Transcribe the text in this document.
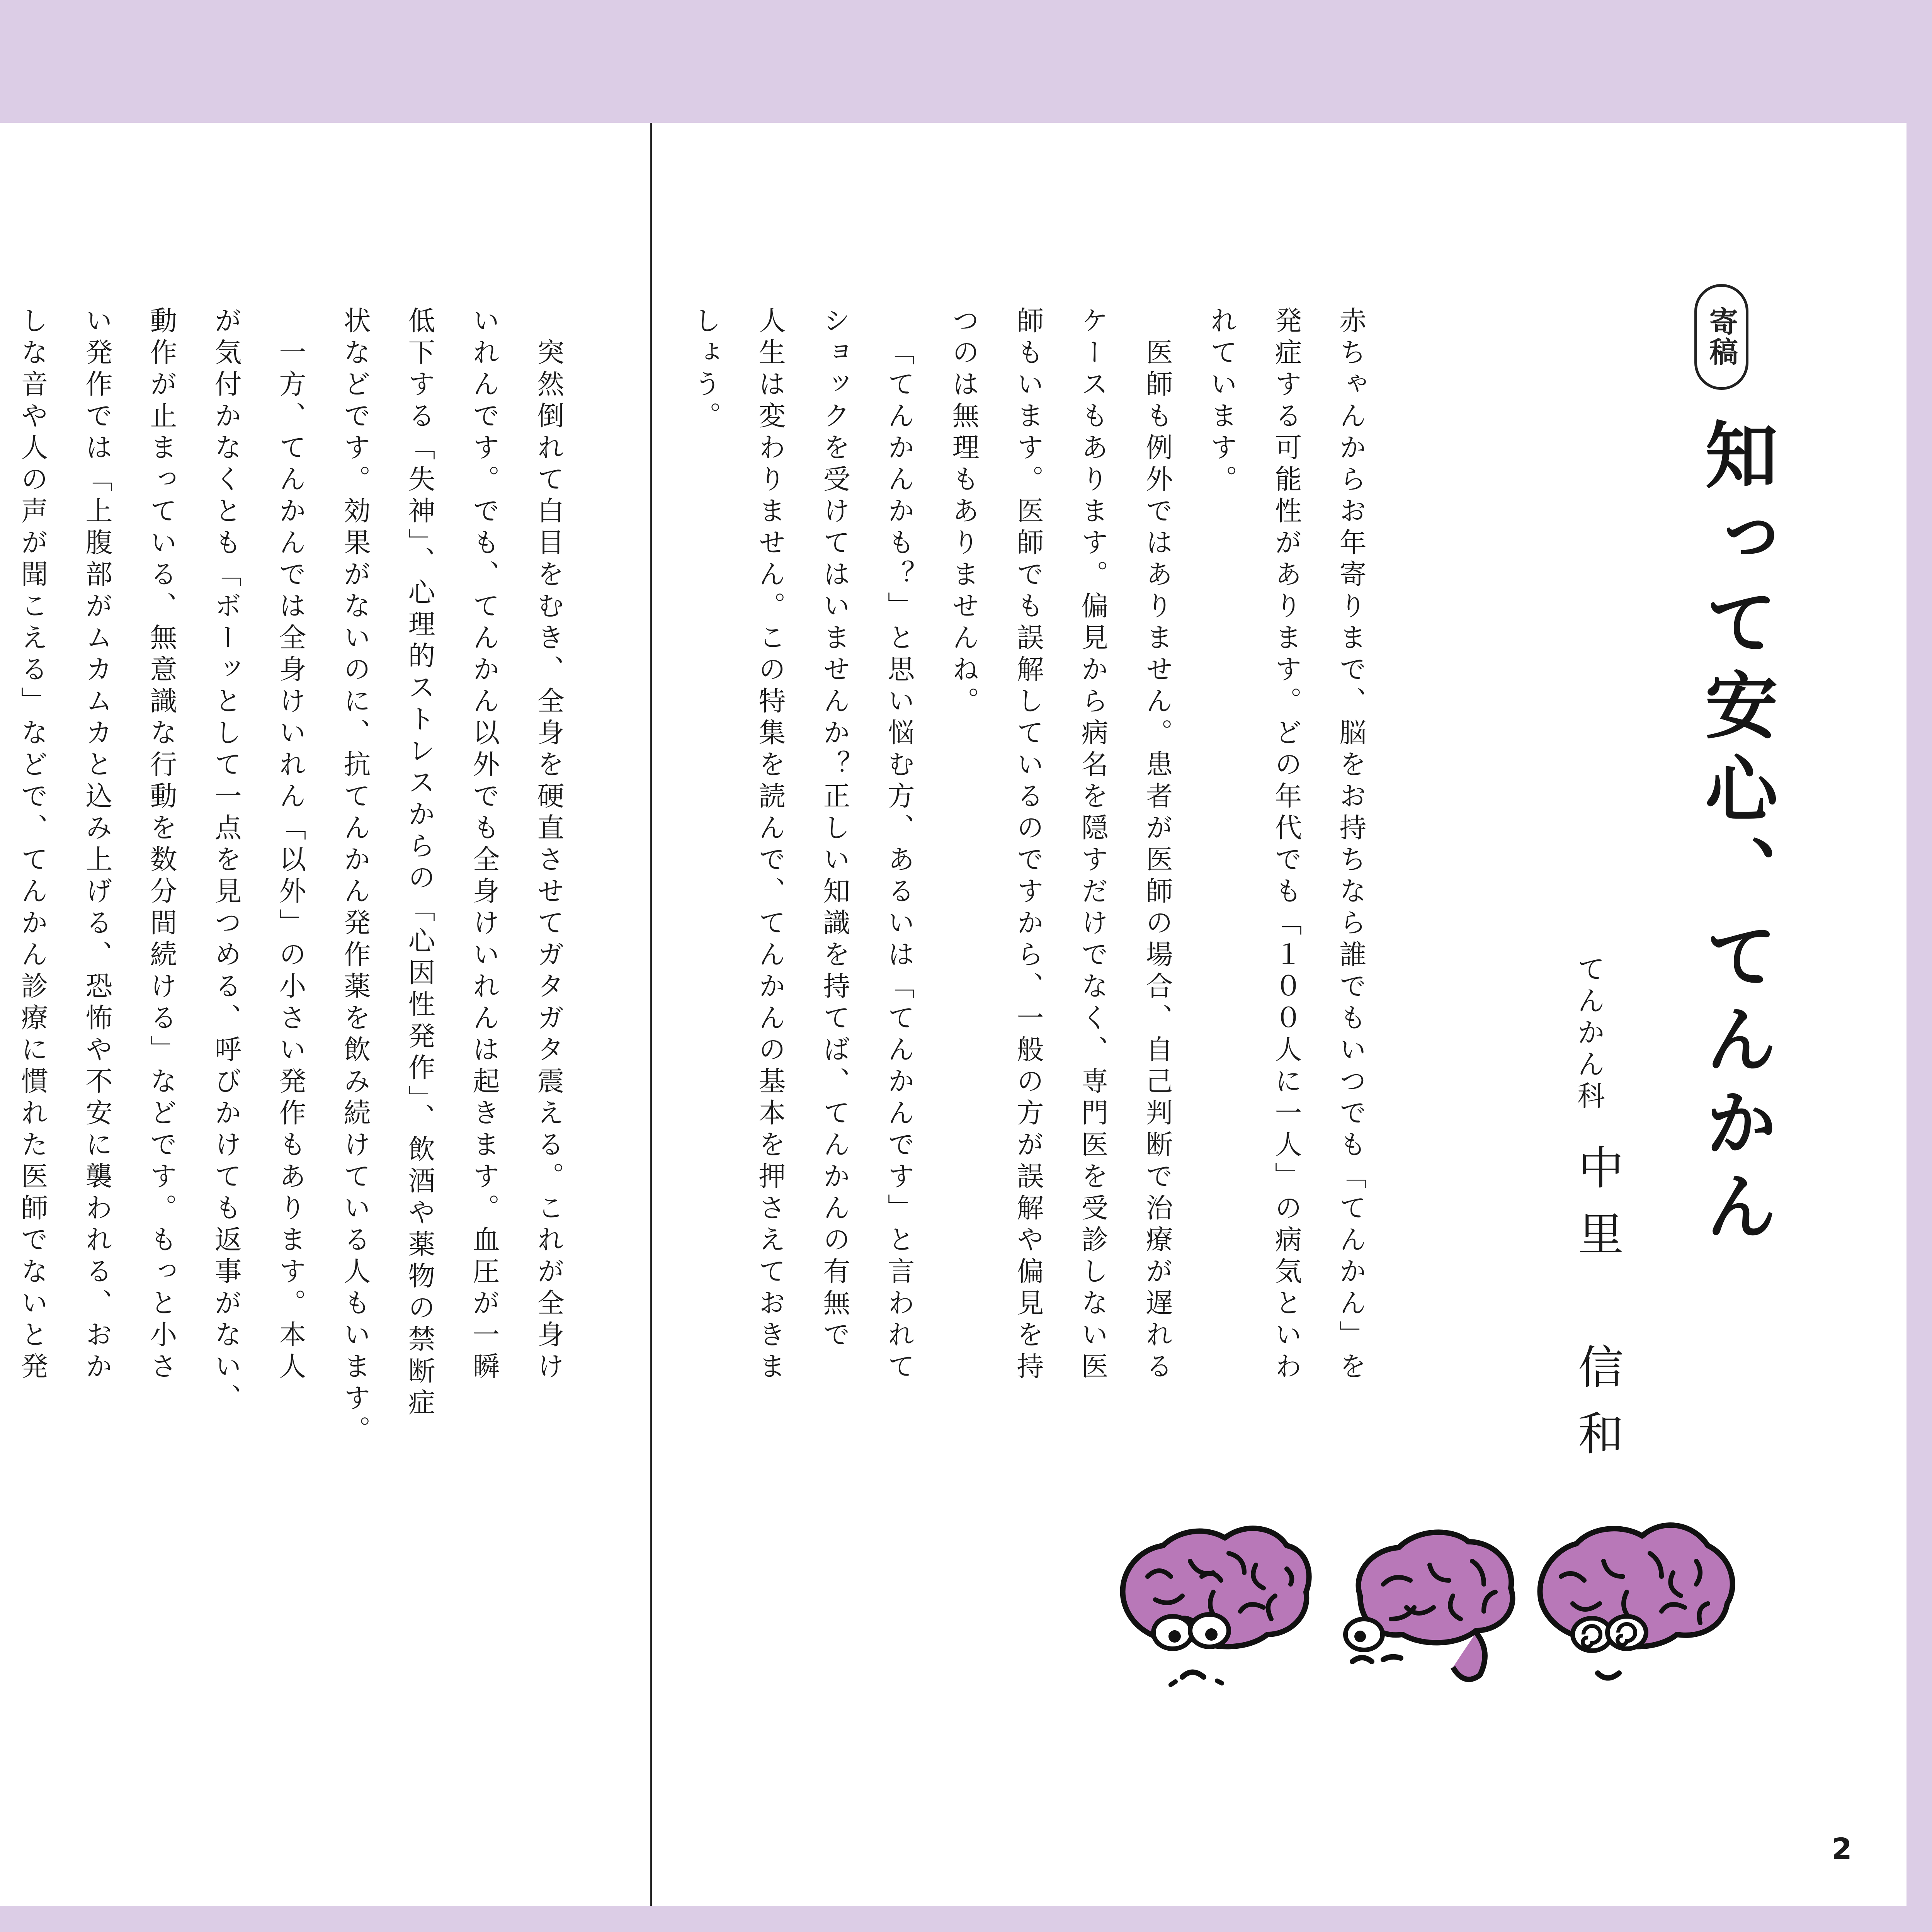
突然倒れて白目をむき、全身を硬直させてガタガタ震える。これが全身け

いれんです。でも、てんかん以外でも全身けいれんは起きます。血圧が一瞬

低下する「失神」、心理的ストレスからの「心因性発作」、飲酒や薬物の禁断症

状などです。効果がないのに、抗てんかん発作薬を飲み続けている人もいます。

一方、てんかんでは全身けいれん「以外」の小さい発作もあります。本人

が気付かなくとも「ボーッとして一点を見つめる、呼びかけても返事がない、

動作が止まっている、無意識な行動を数分間続ける」などです。もっと小さ

い発作では「上腹部がムカムカと込み上げる、恐怖や不安に襲われる、おか

しな音や人の声が聞こえる」などで、てんかん診療に慣れた医師でないと発	寄稿
知って安心、てんかん
てんかん科
中里　信和

赤ちゃんからお年寄りまで、脳をお持ちなら誰でもいつでも「てんかん」を

発症する可能性があります。どの年代でも「１００人に一人」の病気といわ

れています。

医師も例外ではありません。患者が医師の場合、自己判断で治療が遅れる

ケースもあります。偏見から病名を隠すだけでなく、専門医を受診しない医

師もいます。医師でも誤解しているのですから、一般の方が誤解や偏見を持

つのは無理もありませんね。

「てんかんかも？」と思い悩む方、あるいは「てんかんです」と言われて

ショックを受けてはいませんか？正しい知識を持てば、てんかんの有無で

人生は変わりません。この特集を読んで、てんかんの基本を押さえておきま

しょう。

2
